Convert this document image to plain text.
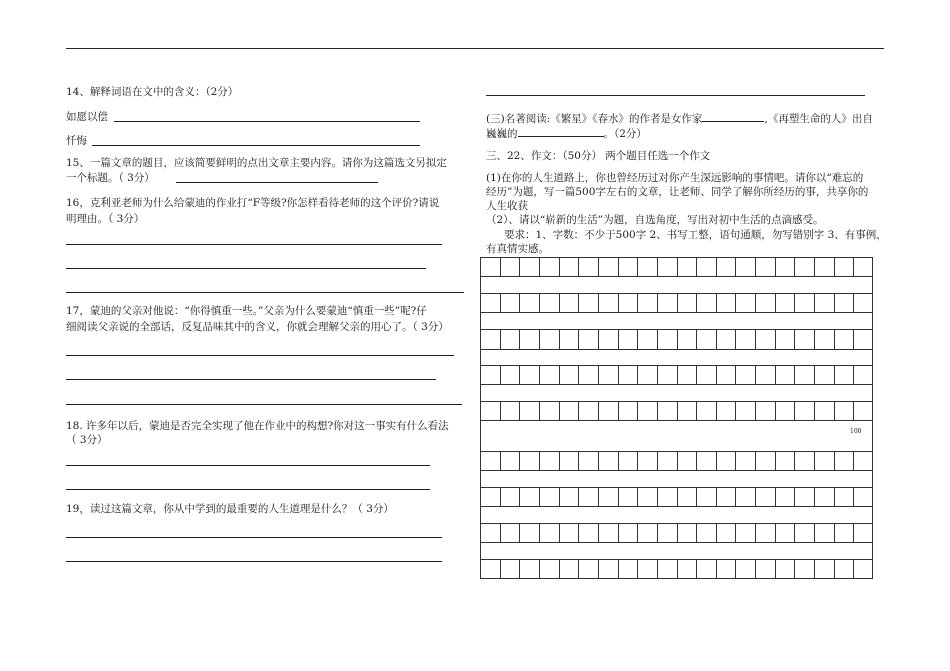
14、解释词语在文中的含义：（2分）
如愿以偿
忏悔
15、一篇文章的题目，应该简要鲜明的点出文章主要内容。请你为这篇选文另拟定
一个标题。（ 3分）
16，克利亚老师为什么给蒙迪的作业打“F等级?你怎样看待老师的这个评价?请说
明理由。（ 3分）
17，蒙迪的父亲对他说：“你得慎重一些。”父亲为什么要蒙迪“慎重一些”呢?仔
细阅读父亲说的全部话，反复品味其中的含义，你就会理解父亲的用心了。（ 3分）
18. 许多年以后，蒙迪是否完全实现了他在作业中的构想?你对这一事实有什么看法
（ 3分）
19，读过这篇文章，你从中学到的最重要的人生道理是什么？（ 3分）
(三)名著阅读:《繁星》《春水》的作者是女作家	,《再塑生命的人》出自
巍巍的	。（2分）
三、22、作文：（50分） 两个题目任选一个作文
(1)在你的人生道路上，你也曾经历过对你产生深远影响的事情吧。请你以“难忘的
经历”为题，写一篇500字左右的文章，让老师、同学了解你所经历的事，共享你的
人生收获
（2）、请以“崭新的生活”为题，自选角度，写出对初中生活的点滴感受。
要求：1、字数：不少于500字 2、书写工整，语句通顺，勿写错别字 3、有事例，
有真情实感。
100
